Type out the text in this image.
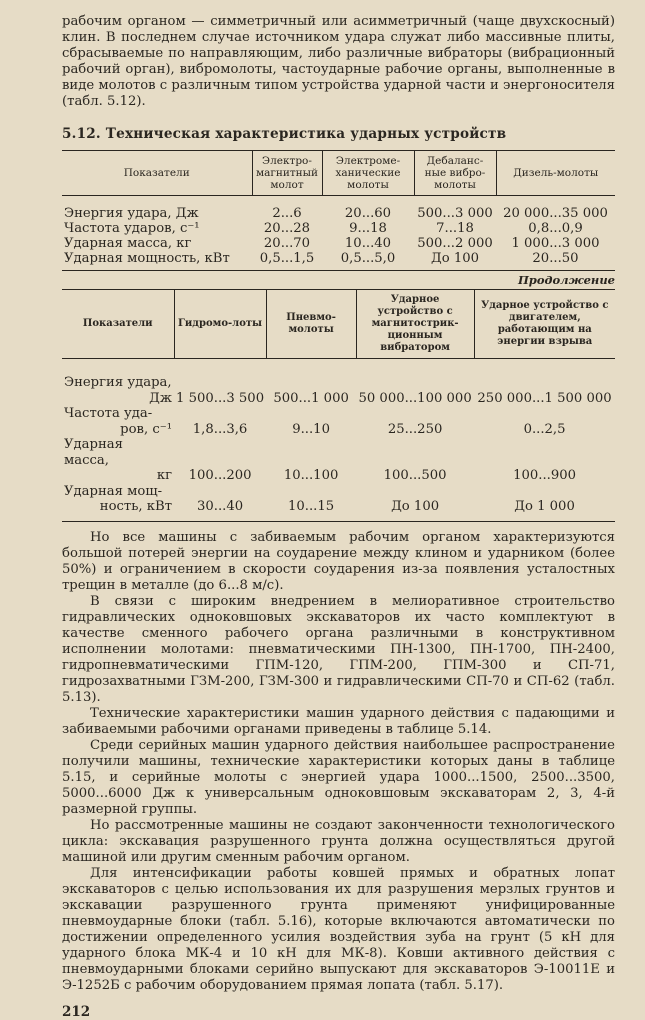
рабочим органом — симметричный или асимметричный (чаще двухскосный) клин. В последнем случае источником удара служат либо массивные плиты, сбрасываемые по направляющим, либо различные вибраторы (вибрационный рабочий орган), вибромолоты, частоударные рабочие органы, выполненные в виде молотов с различным типом устройства ударной части и энергоносителя (табл. 5.12).

5.12. Техническая характеристика ударных устройств
Показатели	Электро-магнитный молот	Электроме-ханические молоты	Дебаланс-ные вибро-молоты	Дизель-молоты
Энергия удара, Дж	2...6	20...60	500...3 000	20 000...35 000
Частота ударов, с⁻¹	20...28	9...18	7...18	0,8...0,9
Ударная масса, кг	20...70	10...40	500...2 000	1 000...3 000
Ударная мощность, кВт	0,5...1,5	0,5...5,0	До 100	20...50
Продолжение
Показатели	Гидромо-лоты	Пневмо-молоты	Ударное устройство с магнитострик-ционным вибратором	Ударное устройство с двигателем, работающим на энергии взрыва
Энергия удара,
Дж	1 500...3 500	500...1 000	50 000...100 000	250 000...1 500 000
Частота уда-
ров, с⁻¹	1,8...3,6	9...10	25...250	0...2,5
Ударная масса,
кг	100...200	10...100	100...500	100...900
Ударная мощ-
ность, кВт	30...40	10...15	До 100	До 1 000

Но все машины с забиваемым рабочим органом характеризуются большой потерей энергии на соударение между клином и ударником (более 50%) и ограничением в скорости соударения из-за появления усталостных трещин в металле (до 6...8 м/с).

В связи с широким внедрением в мелиоративное строительство гидравлических одноковшовых экскаваторов их часто комплектуют в качестве сменного рабочего органа различными в конструктивном исполнении молотами: пневматическими ПН-1300, ПН-1700, ПН-2400, гидропневматическими ГПМ-120, ГПМ-200, ГПМ-300 и СП-71, гидрозахватными ГЗМ-200, ГЗМ-300 и гидравлическими СП-70 и СП-62 (табл. 5.13).

Технические характеристики машин ударного действия с падающими и забиваемыми рабочими органами приведены в таблице 5.14.

Среди серийных машин ударного действия наибольшее распространение получили машины, технические характеристики которых даны в таблице 5.15, и серийные молоты с энергией удара 1000...1500, 2500...3500, 5000...6000 Дж к универсальным одноковшовым экскаваторам 2, 3, 4-й размерной группы.

Но рассмотренные машины не создают законченности технологического цикла: экскавация разрушенного грунта должна осуществляться другой машиной или другим сменным рабочим органом.

Для интенсификации работы ковшей прямых и обратных лопат экскаваторов с целью использования их для разрушения мерзлых грунтов и экскавации разрушенного грунта применяют унифицированные пневмоударные блоки (табл. 5.16), которые включаются автоматически по достижении определенного усилия воздействия зуба на грунт (5 кН для ударного блока МК-4 и 10 кН для МК-8). Ковши активного действия с пневмоударными блоками серийно выпускают для экскаваторов Э-10011Е и Э-1252Б с рабочим оборудованием прямая лопата (табл. 5.17).

212
